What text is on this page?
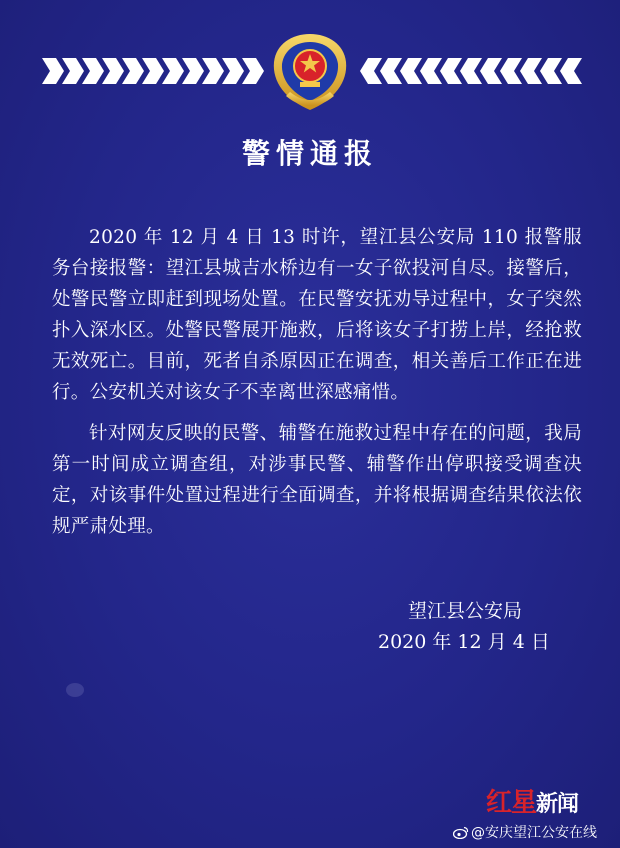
警情通报

2020 年 12 月 4 日 13 时许，望江县公安局 110 报警服务台接报警：望江县城吉水桥边有一女子欲投河自尽。接警后，处警民警立即赶到现场处置。在民警安抚劝导过程中，女子突然扑入深水区。处警民警展开施救，后将该女子打捞上岸，经抢救无效死亡。目前，死者自杀原因正在调查，相关善后工作正在进行。公安机关对该女子不幸离世深感痛惜。

针对网友反映的民警、辅警在施救过程中存在的问题，我局第一时间成立调查组，对涉事民警、辅警作出停职接受调查决定，对该事件处置过程进行全面调查，并将根据调查结果依法依规严肃处理。

望江县公安局
2020 年 12 月 4 日
红星新闻
@安庆望江公安在线
